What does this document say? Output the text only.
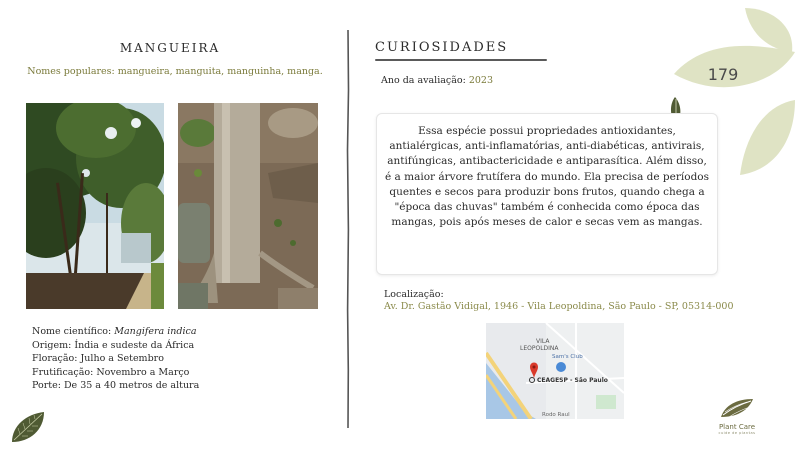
179
MANGUEIRA
Nomes populares: mangueira, manguita, manguinha, manga.
Nome científico: Mangifera indica
Origem: Índia e sudeste da África
Floração: Julho a Setembro
Frutificação: Novembro a Março
Porte: De 35 a 40 metros de altura
CURIOSIDADES
Ano da avaliação: 2023
Essa espécie possui propriedades antioxidantes, antialérgicas, anti-inflamatórias, anti-diabéticas, antivirais, antifúngicas, antibactericidade e antiparasítica. Além disso, é a maior árvore frutífera do mundo. Ela precisa de períodos quentes e secos para produzir bons frutos, quando chega a "época das chuvas" também é conhecida como época das mangas, pois após meses de calor e secas vem as mangas.
Localização:
Av. Dr. Gastão Vidigal, 1946 - Vila Leopoldina, São Paulo - SP, 05314-000
VILA
LEOPOLDINA
Sam's Club
CEAGESP - São Paulo
Rodo Raul
Plant Care
cuide de plantas
